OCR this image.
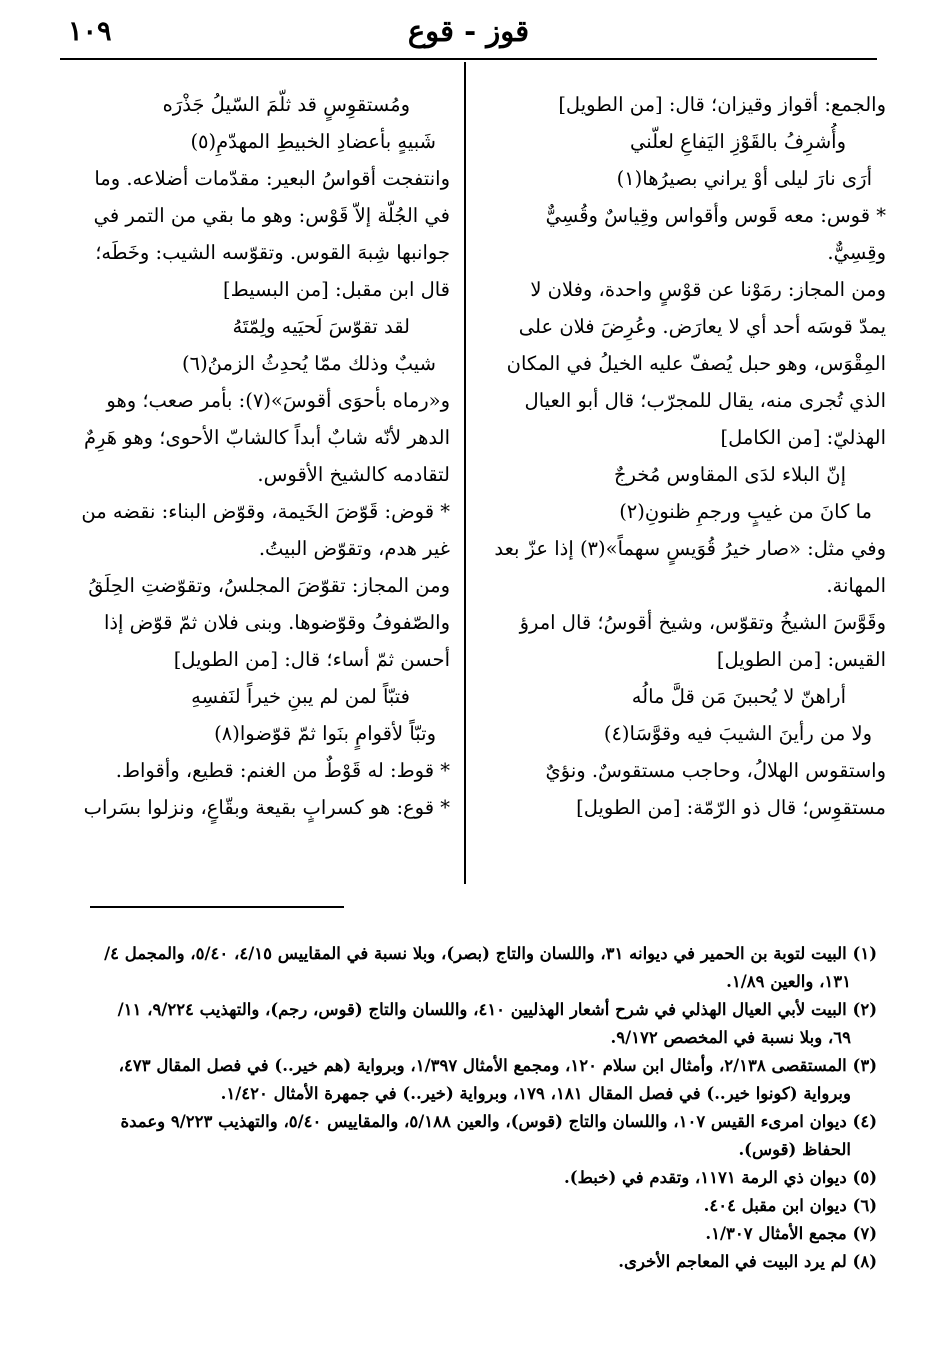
١٠٩	قوز - قوع
والجمع: أقواز وقيزان؛ قال: [من الطويل]
وأُشرِفُ بالقَوْزِ اليَفاعِ لعلّني
أرَى نارَ ليلى أوْ يراني بصيرُها(١)
* قوس: معه قَوس وأقواس وقِياسٌ وقُسِيٌّ
وقِسِيٌّ.
ومن المجاز: رمَوْنا عن قوْسٍ واحدة، وفلان لا
يمدّ قوسَه أحد أي لا يعارَض. وعُرِضَ فلان على
المِقْوَس، وهو حبل يُصفّ عليه الخيلُ في المكان
الذي تُجرى منه، يقال للمجرّب؛ قال أبو العيال
الهذليّ: [من الكامل]
إنّ البلاء لدَى المقاوس مُخرجٌ
ما كانَ من غيبٍ ورجمِ ظنونِ(٢)
وفي مثل: «صار خيرُ قُوَيسٍ سهماً»(٣) إذا عزّ بعد
المهانة.
وقَوَّسَ الشيخُ وتقوّس، وشيخ أقوسُ؛ قال امرؤ
القيس: [من الطويل]
أراهنّ لا يُحببنَ مَن قلَّ مالُه
ولا من رأينَ الشيبَ فيه وقوَّسَا(٤)
واستقوس الهلالُ، وحاجب مستقوسٌ. ونؤيٌ
مستقوِس؛ قال ذو الرّمّة: [من الطويل]
ومُستقوِسٍ قد ثلّمَ السّيلُ جَذْرَه
شَبيهٍ بأعضادِ الخبيطِ المهدّمِ(٥)
وانتفجت أقواسُ البعير: مقدّمات أضلاعه. وما
في الجُلّة إلاّ قَوْس: وهو ما بقي من التمر في
جوانبها شِبهَ القوس. وتقوّسه الشيب: وخَطَه؛
قال ابن مقبل: [من البسيط]
لقد تقوّسَ لَحيَيه ولِمّتَهُ
شيبٌ وذلك ممّا يُحدِثُ الزمنُ(٦)
و«رماه بأحوَى أقوسَ»(٧): بأمر صعب؛ وهو
الدهر لأنّه شابٌ أبداً كالشابّ الأحوى؛ وهو هَرِمٌ
لتقادمه كالشيخ الأقوس.
* قوض: قَوّضَ الخَيمة، وقوّض البناء: نقضه من
غير هدم، وتقوّض البيتُ.
ومن المجاز: تقوّضَ المجلسُ، وتقوّضتِ الحِلَقُ
والصّفوفُ وقوّضوها. وبنى فلان ثمّ قوّض إذا
أحسن ثمّ أساء؛ قال: [من الطويل]
فتبّاً لمن لم يبنِ خيراً لنَفسِهِ
وتبّاً لأقوامٍ بنَوا ثمّ قوّضوا(٨)
* قوط: له قَوْطٌ من الغنم: قطيع، وأقواط.
* قوع: هو كسرابٍ بقيعة وبقّاعٍ، ونزلوا بسَراب
(١) البيت لتوبة بن الحمير في ديوانه ٣١، واللسان والتاج (بصر)، وبلا نسبة في المقاييس ٤/١٥، ٥/٤٠، والمجمل ٤/
١٣١، والعين ١/٨٩.
(٢) البيت لأبي العيال الهذلي في شرح أشعار الهذليين ٤١٠، واللسان والتاج (قوس، رجم)، والتهذيب ٩/٢٢٤، ١١/
٦٩، وبلا نسبة في المخصص ٩/١٧٢.
(٣) المستقصى ٢/١٣٨، وأمثال ابن سلام ١٢٠، ومجمع الأمثال ١/٣٩٧، وبرواية (هم خير..) في فصل المقال ٤٧٣،
وبرواية (كونوا خير..) في فصل المقال ١٨١، ١٧٩، وبرواية (خير..) في جمهرة الأمثال ١/٤٢٠.
(٤) ديوان امرىء القيس ١٠٧، واللسان والتاج (قوس)، والعين ٥/١٨٨، والمقاييس ٥/٤٠، والتهذيب ٩/٢٢٣ وعمدة
الحفاظ (قوس).
(٥) ديوان ذي الرمة ١١٧١، وتقدم في (خبط).
(٦) ديوان ابن مقبل ٤٠٤.
(٧) مجمع الأمثال ١/٣٠٧.
(٨) لم يرد البيت في المعاجم الأخرى.
